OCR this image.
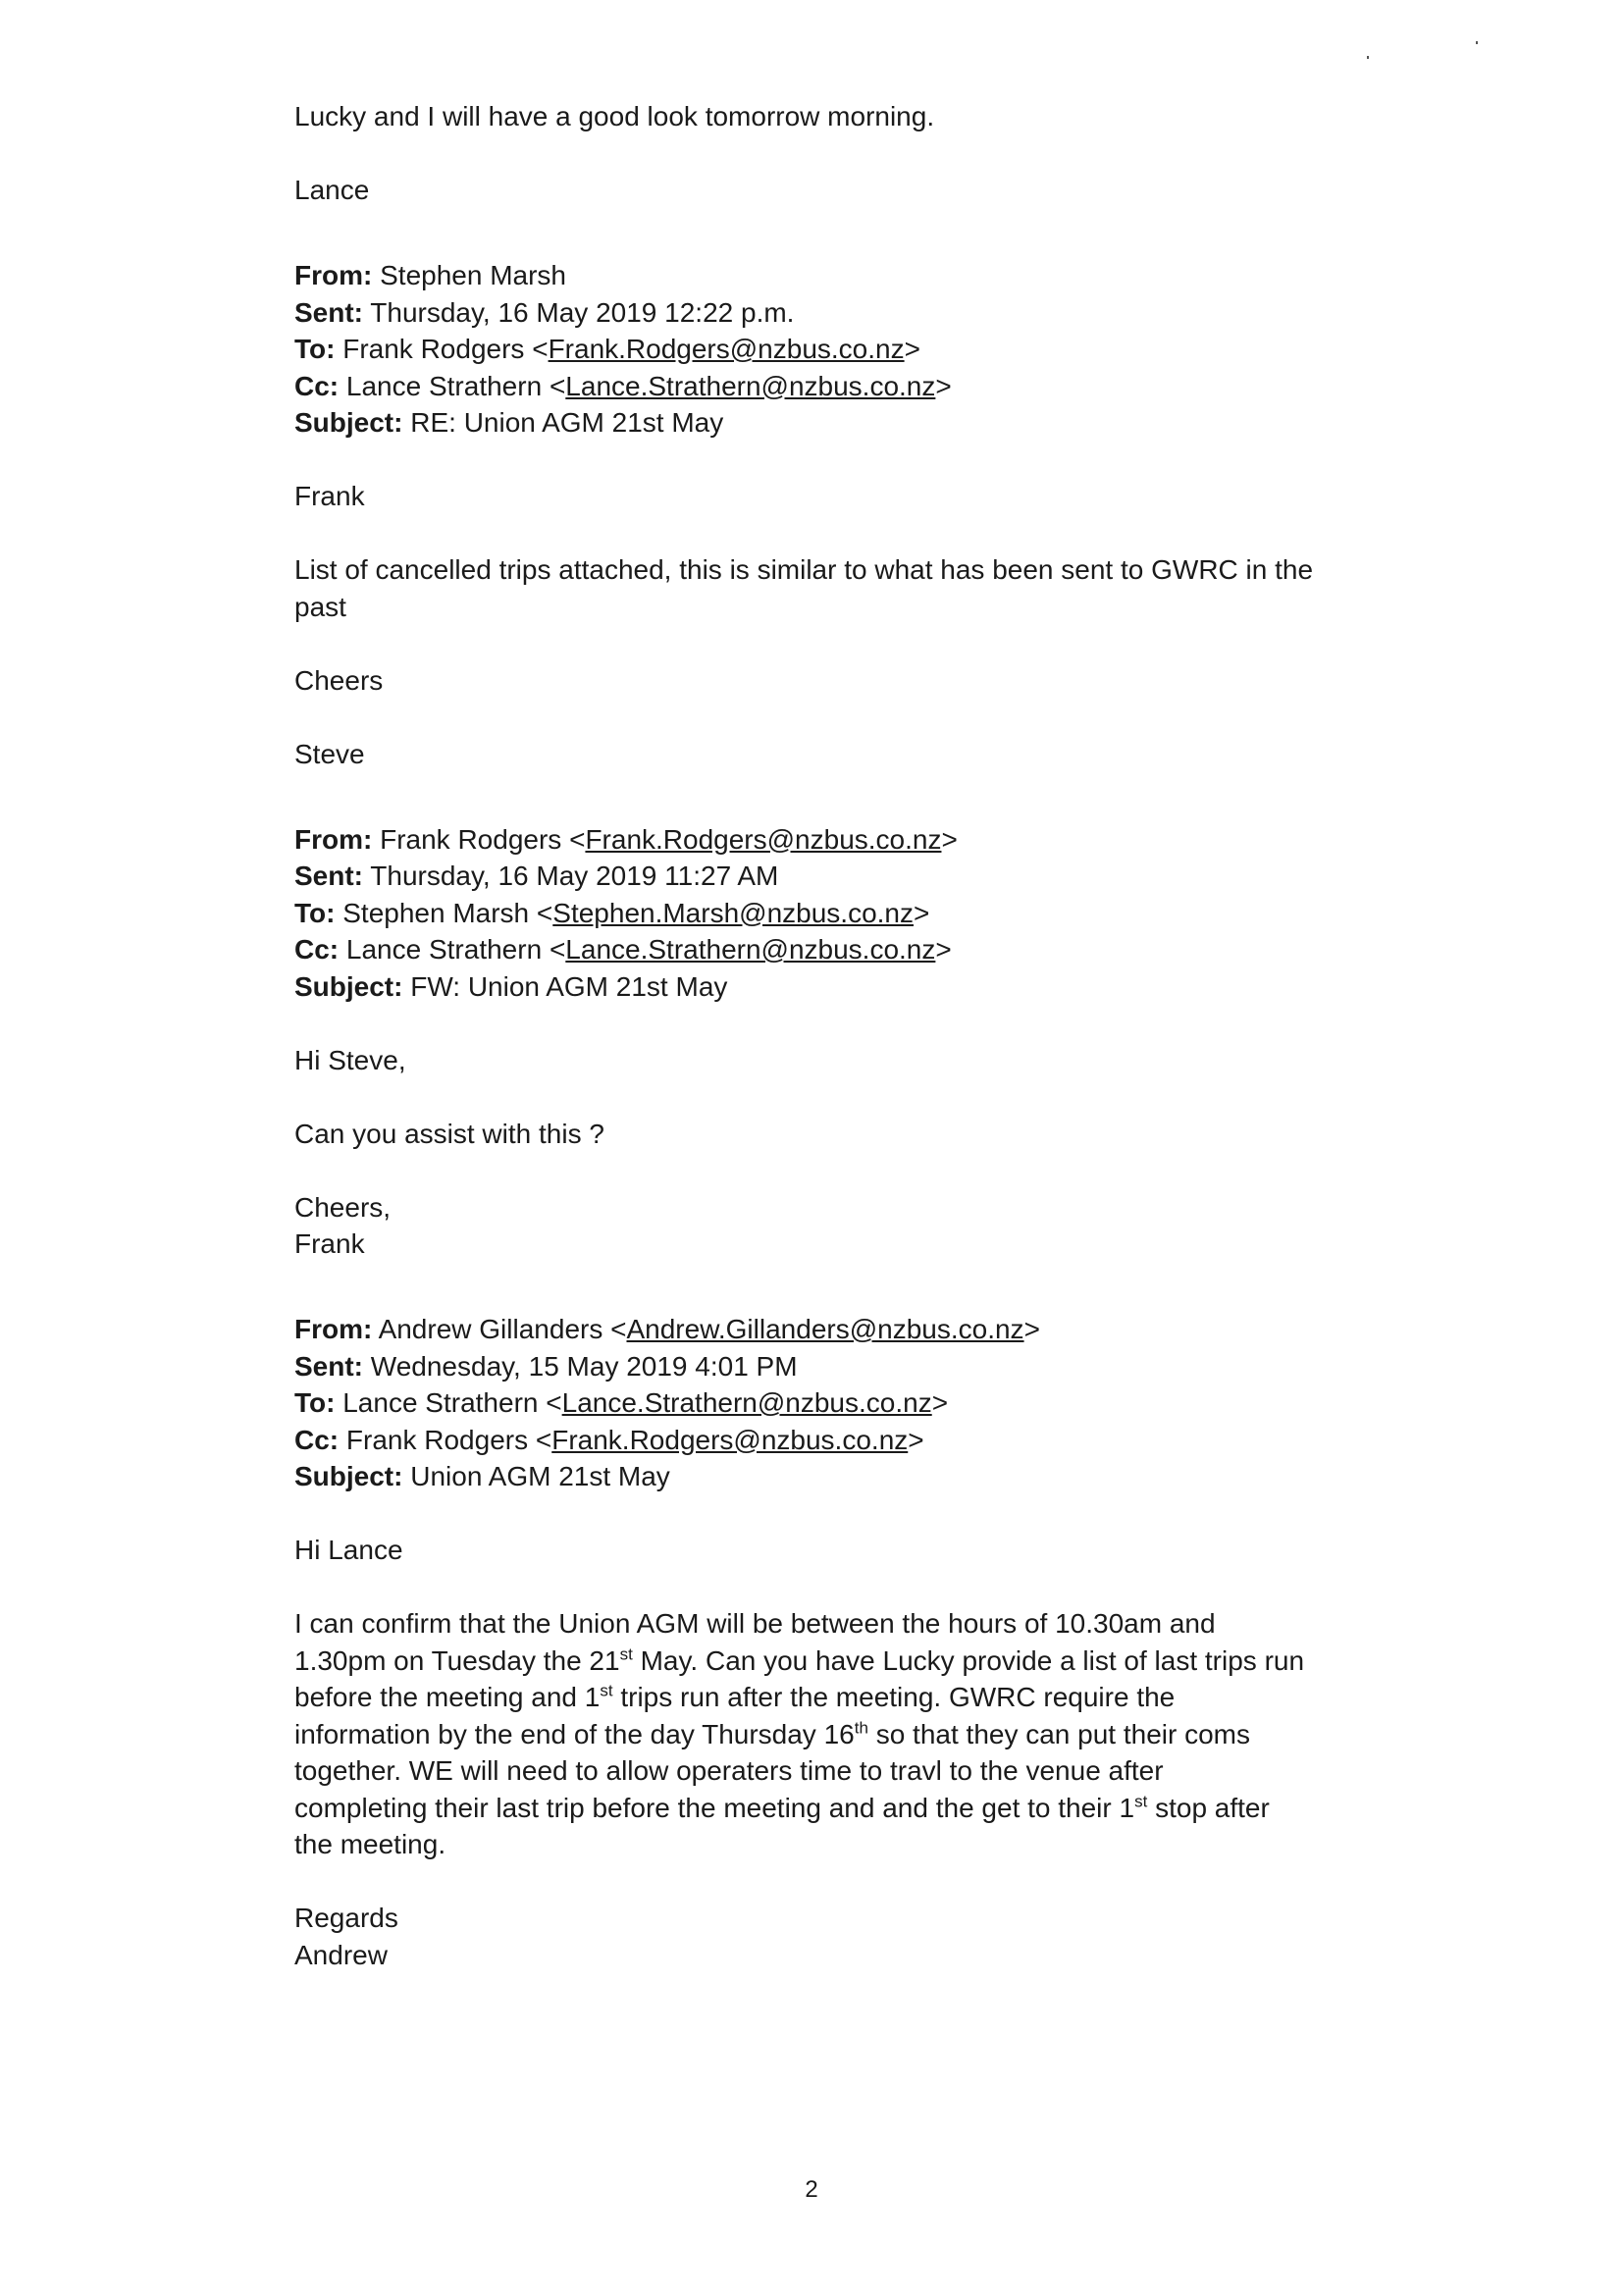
Lucky and I will have a good look tomorrow morning.
Lance
From: Stephen Marsh
Sent: Thursday, 16 May 2019 12:22 p.m.
To: Frank Rodgers <Frank.Rodgers@nzbus.co.nz>
Cc: Lance Strathern <Lance.Strathern@nzbus.co.nz>
Subject: RE: Union AGM 21st May
Frank
List of cancelled trips attached, this is similar to what has been sent to GWRC in the
past
Cheers
Steve
From: Frank Rodgers <Frank.Rodgers@nzbus.co.nz>
Sent: Thursday, 16 May 2019 11:27 AM
To: Stephen Marsh <Stephen.Marsh@nzbus.co.nz>
Cc: Lance Strathern <Lance.Strathern@nzbus.co.nz>
Subject: FW: Union AGM 21st May
Hi Steve,
Can you assist with this ?
Cheers,
Frank
From: Andrew Gillanders <Andrew.Gillanders@nzbus.co.nz>
Sent: Wednesday, 15 May 2019 4:01 PM
To: Lance Strathern <Lance.Strathern@nzbus.co.nz>
Cc: Frank Rodgers <Frank.Rodgers@nzbus.co.nz>
Subject: Union AGM 21st May
Hi Lance
I can confirm that the Union AGM will be between the hours of 10.30am and
1.30pm on Tuesday the 21st May. Can you have Lucky provide a list of last trips run
before the meeting and 1st trips run after the meeting. GWRC require the
information by the end of the day Thursday 16th so that they can put their coms
together. WE will need to allow operaters time to travl to the venue after
completing their last trip before the meeting and and the get to their 1st stop after
the meeting.
Regards
Andrew
2
